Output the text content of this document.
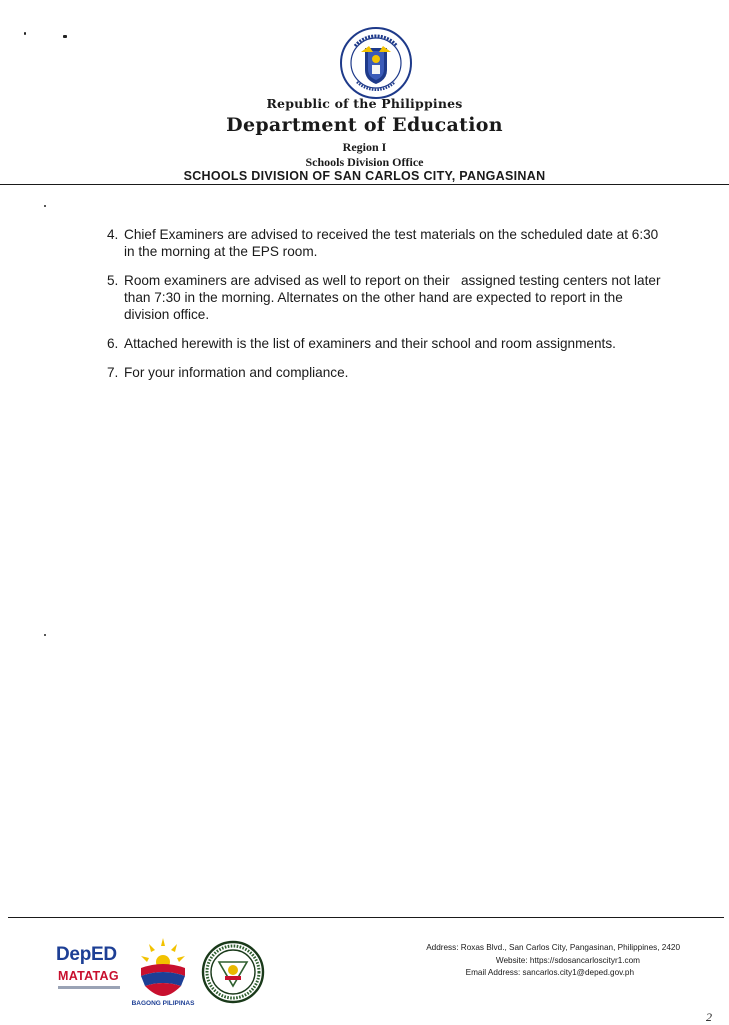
Republic of the Philippines
Department of Education
Region I
Schools Division Office
SCHOOLS DIVISION OF SAN CARLOS CITY, PANGASINAN
4. Chief Examiners are advised to received the test materials on the scheduled date at 6:30
in the morning at the EPS room.
5. Room examiners are advised as well to report on their   assigned testing centers not later
than 7:30 in the morning. Alternates on the other hand are expected to report in the
division office.
6. Attached herewith is the list of examiners and their school and room assignments.
7. For your information and compliance.
DepED
MATATAG
BAGONG PILIPINAS
Address: Roxas Blvd., San Carlos City, Pangasinan, Philippines, 2420
Website: https://sdosancarloscityr1.com
Email Address: sancarlos.city1@deped.gov.ph
2
